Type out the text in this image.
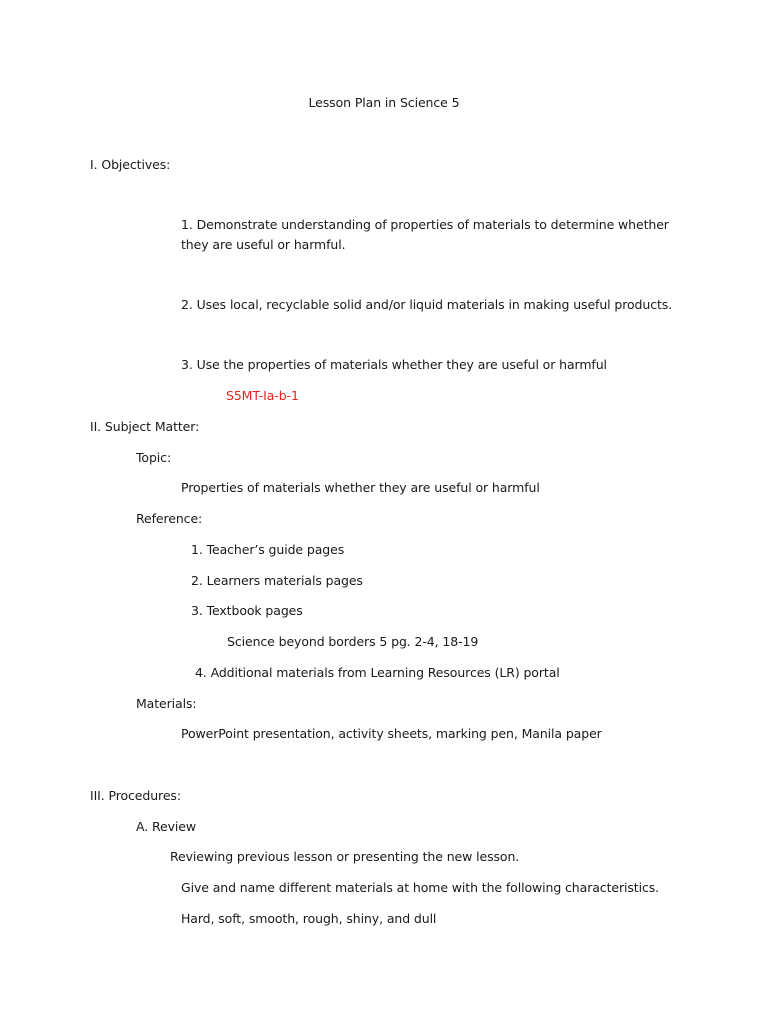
Lesson Plan in Science 5
I. Objectives:
1. Demonstrate understanding of properties of materials to determine whether
they are useful or harmful.
2. Uses local, recyclable solid and/or liquid materials in making useful products.
3. Use the properties of materials whether they are useful or harmful
S5MT-Ia-b-1
II. Subject Matter:
Topic:
Properties of materials whether they are useful or harmful
Reference:
1. Teacher’s guide pages
2. Learners materials pages
3. Textbook pages
Science beyond borders 5 pg. 2-4, 18-19
4. Additional materials from Learning Resources (LR) portal
Materials:
PowerPoint presentation, activity sheets, marking pen, Manila paper
III. Procedures:
A. Review
Reviewing previous lesson or presenting the new lesson.
Give and name different materials at home with the following characteristics.
Hard, soft, smooth, rough, shiny, and dull
